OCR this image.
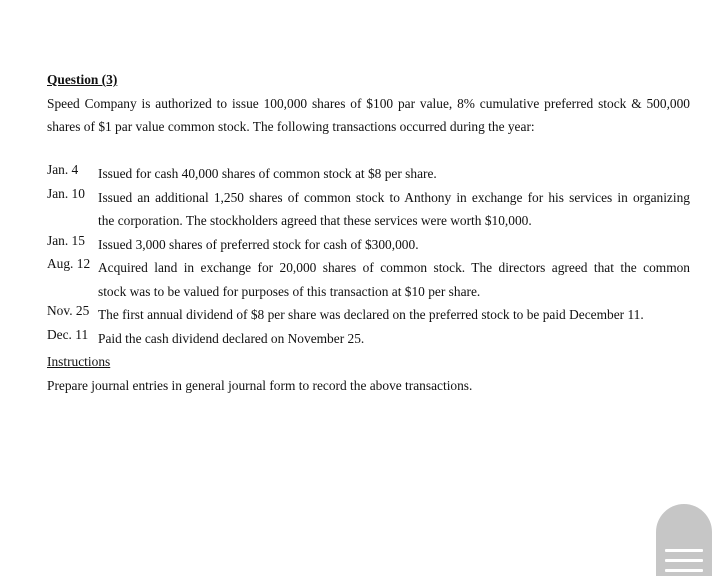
Question (3)
Speed Company is authorized to issue 100,000 shares of $100 par value, 8% cumulative preferred stock & 500,000
shares of $1 par value common stock. The following transactions occurred during the year:
Jan. 4	Issued for cash 40,000 shares of common stock at $8 per share.
Jan. 10 Issued an additional 1,250 shares of common stock to Anthony in exchange for his services in organizing
the corporation. The stockholders agreed that these services were worth $10,000.
Jan. 15 Issued 3,000 shares of preferred stock for cash of $300,000.
Aug. 12 Acquired land in exchange for 20,000 shares of common stock. The directors agreed that the common
stock was to be valued for purposes of this transaction at $10 per share.
Nov. 25 The first annual dividend of $8 per share was declared on the preferred stock to be paid December 11.
Dec. 11 Paid the cash dividend declared on November 25.
Instructions
Prepare journal entries in general journal form to record the above transactions.
